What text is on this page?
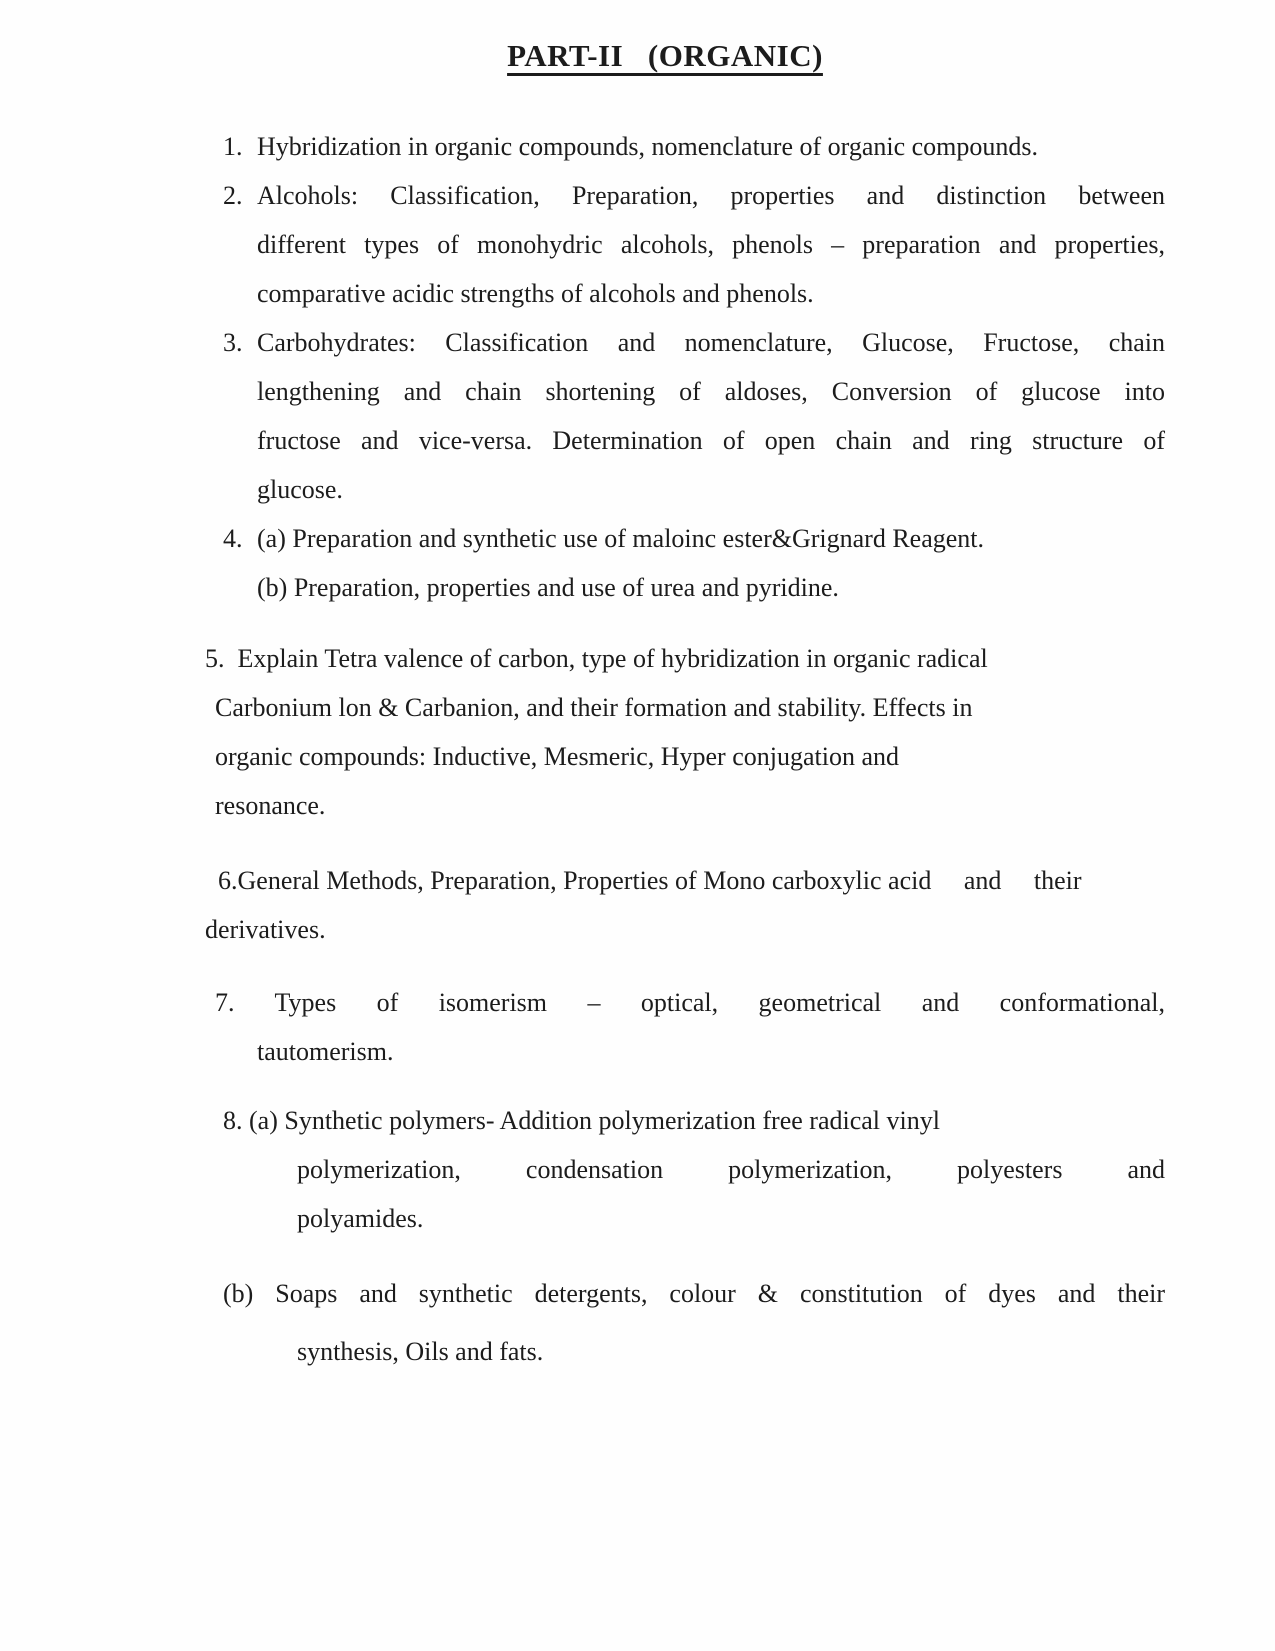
PART-II   (ORGANIC)
1. Hybridization in organic compounds, nomenclature of organic compounds.
2. Alcohols: Classification, Preparation, properties and distinction between
different types of monohydric alcohols, phenols – preparation and properties,
comparative acidic strengths of alcohols and phenols.
3. Carbohydrates: Classification and nomenclature, Glucose, Fructose, chain
lengthening and chain shortening of aldoses, Conversion of glucose into
fructose and vice-versa. Determination of open chain and ring structure of
glucose.
4. (a) Preparation and synthetic use of maloinc ester&Grignard Reagent.
(b) Preparation, properties and use of urea and pyridine.
5.  Explain Tetra valence of carbon, type of hybridization in organic radical
Carbonium lon & Carbanion, and their formation and stability. Effects in
organic compounds: Inductive, Mesmeric, Hyper conjugation and
resonance.
6.General Methods, Preparation, Properties of Mono carboxylic acid     and     their
derivatives.
7. Types of isomerism – optical, geometrical and conformational,
tautomerism.
8. (a) Synthetic polymers- Addition polymerization free radical vinyl
polymerization, condensation polymerization, polyesters and
polyamides.
(b) Soaps and synthetic detergents, colour & constitution of dyes and their
synthesis, Oils and fats.
